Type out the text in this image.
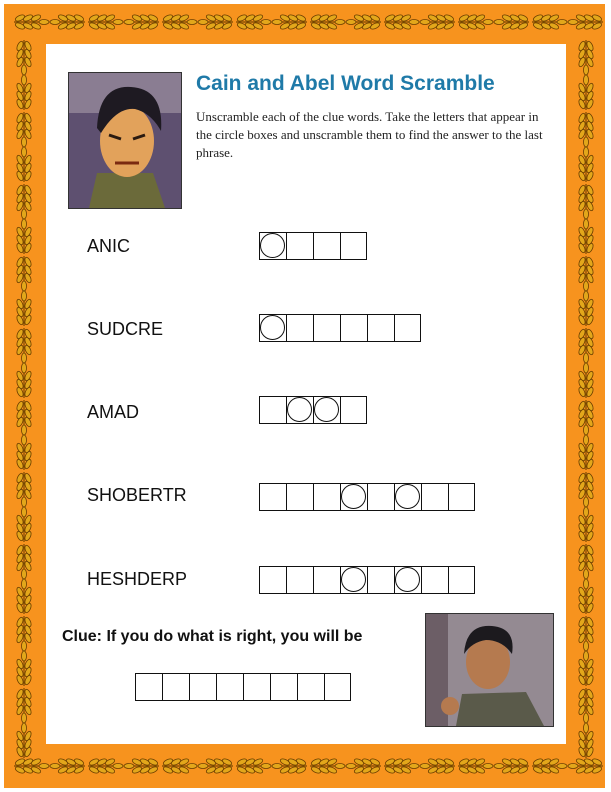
Cain and Abel Word Scramble
Unscramble each of the clue words. Take the letters that appear in the circle boxes and unscramble them to find the answer to the last phrase.
ANIC
SUDCRE
AMAD
SHOBERTR
HESHDERP
Clue: If you do what is right, you will be
